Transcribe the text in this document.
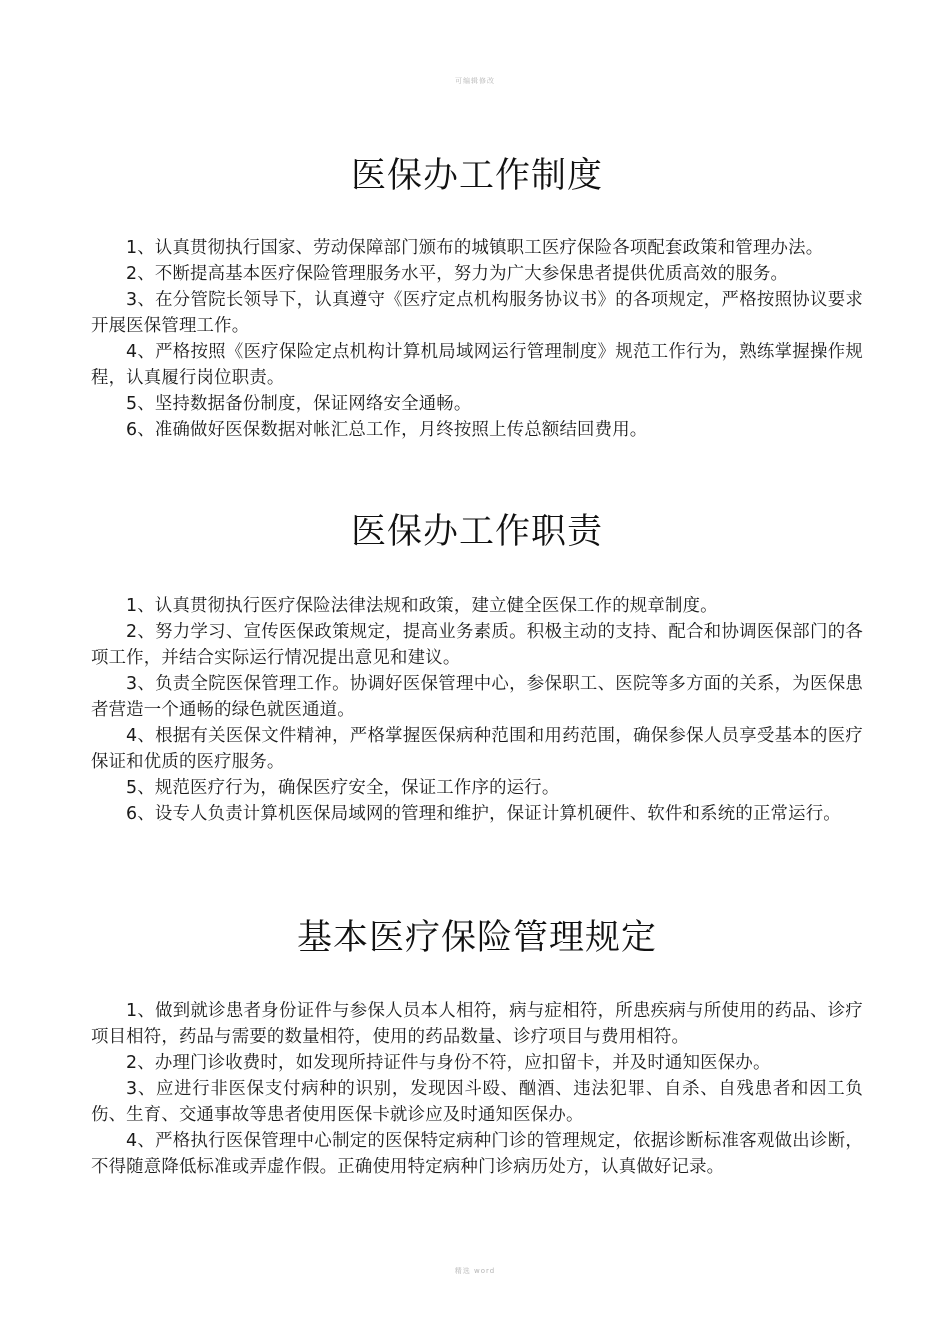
可编辑修改
医保办工作制度

1、认真贯彻执行国家、劳动保障部门颁布的城镇职工医疗保险各项配套政策和管理办法。

2、不断提高基本医疗保险管理服务水平，努力为广大参保患者提供优质高效的服务。

3、在分管院长领导下，认真遵守《医疗定点机构服务协议书》的各项规定，严格按照协议要求开展医保管理工作。

4、严格按照《医疗保险定点机构计算机局域网运行管理制度》规范工作行为，熟练掌握操作规程，认真履行岗位职责。

5、坚持数据备份制度，保证网络安全通畅。

6、准确做好医保数据对帐汇总工作，月终按照上传总额结回费用。

医保办工作职责

1、认真贯彻执行医疗保险法律法规和政策，建立健全医保工作的规章制度。

2、努力学习、宣传医保政策规定，提高业务素质。积极主动的支持、配合和协调医保部门的各项工作，并结合实际运行情况提出意见和建议。

3、负责全院医保管理工作。协调好医保管理中心，参保职工、医院等多方面的关系，为医保患者营造一个通畅的绿色就医通道。

4、根据有关医保文件精神，严格掌握医保病种范围和用药范围，确保参保人员享受基本的医疗保证和优质的医疗服务。

5、规范医疗行为，确保医疗安全，保证工作序的运行。

6、设专人负责计算机医保局域网的管理和维护，保证计算机硬件、软件和系统的正常运行。

基本医疗保险管理规定

1、做到就诊患者身份证件与参保人员本人相符，病与症相符，所患疾病与所使用的药品、诊疗项目相符，药品与需要的数量相符，使用的药品数量、诊疗项目与费用相符。

2、办理门诊收费时，如发现所持证件与身份不符，应扣留卡，并及时通知医保办。

3、应进行非医保支付病种的识别，发现因斗殴、酗酒、违法犯罪、自杀、自残患者和因工负伤、生育、交通事故等患者使用医保卡就诊应及时通知医保办。

4、严格执行医保管理中心制定的医保特定病种门诊的管理规定，依据诊断标准客观做出诊断，不得随意降低标准或弄虚作假。正确使用特定病种门诊病历处方，认真做好记录。

精选 word
